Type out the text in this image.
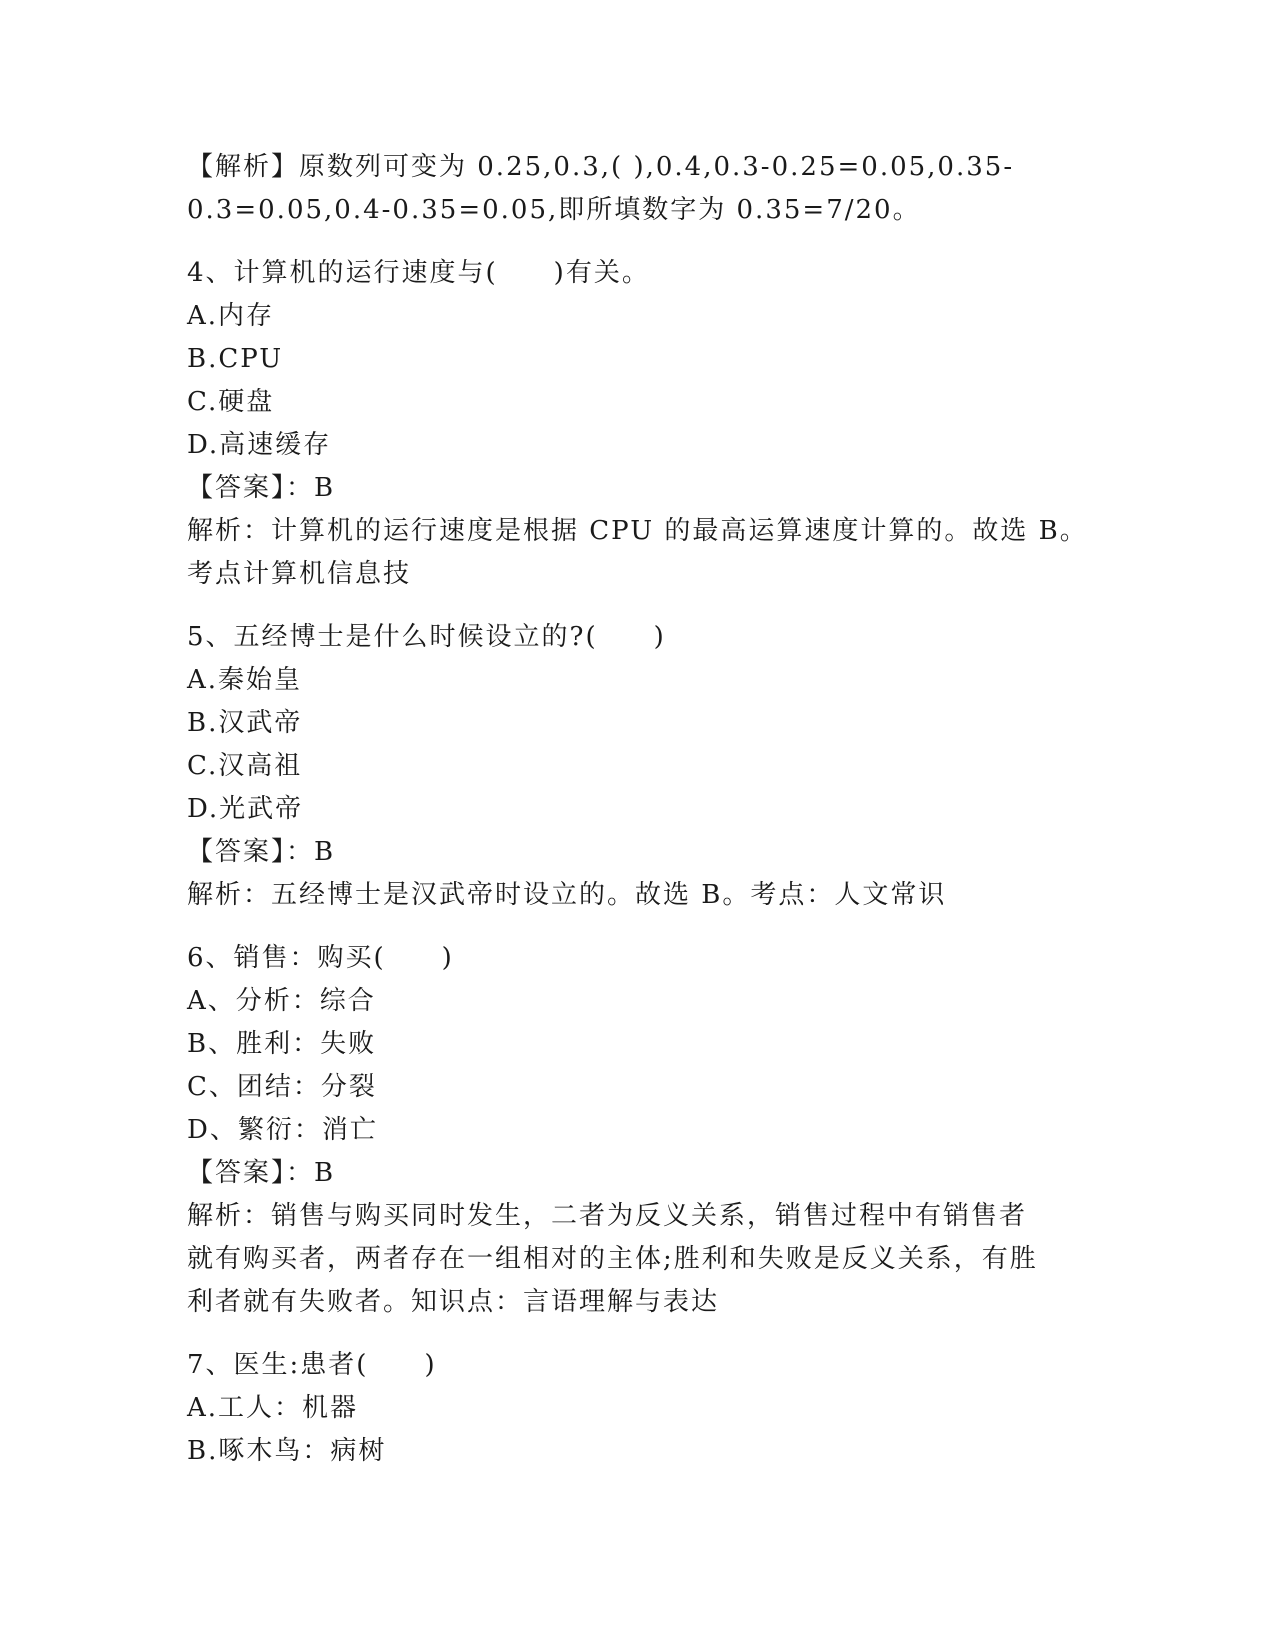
【解析】原数列可变为 0.25,0.3,( ),0.4,0.3-0.25=0.05,0.35-
0.3=0.05,0.4-0.35=0.05,即所填数字为 0.35=7/20。
4、计算机的运行速度与(　　)有关。
A.内存
B.CPU
C.硬盘
D.高速缓存
【答案】：B
解析：计算机的运行速度是根据 CPU 的最高运算速度计算的。故选 B。
考点计算机信息技
5、五经博士是什么时候设立的?(　　)
A.秦始皇
B.汉武帝
C.汉高祖
D.光武帝
【答案】：B
解析：五经博士是汉武帝时设立的。故选 B。考点：人文常识
6、销售：购买(　　)
A、分析：综合
B、胜利：失败
C、团结：分裂
D、繁衍：消亡
【答案】：B
解析：销售与购买同时发生，二者为反义关系，销售过程中有销售者
就有购买者，两者存在一组相对的主体;胜利和失败是反义关系，有胜
利者就有失败者。知识点：言语理解与表达
7、医生:患者(　　)
A.工人：机器
B.啄木鸟：病树
